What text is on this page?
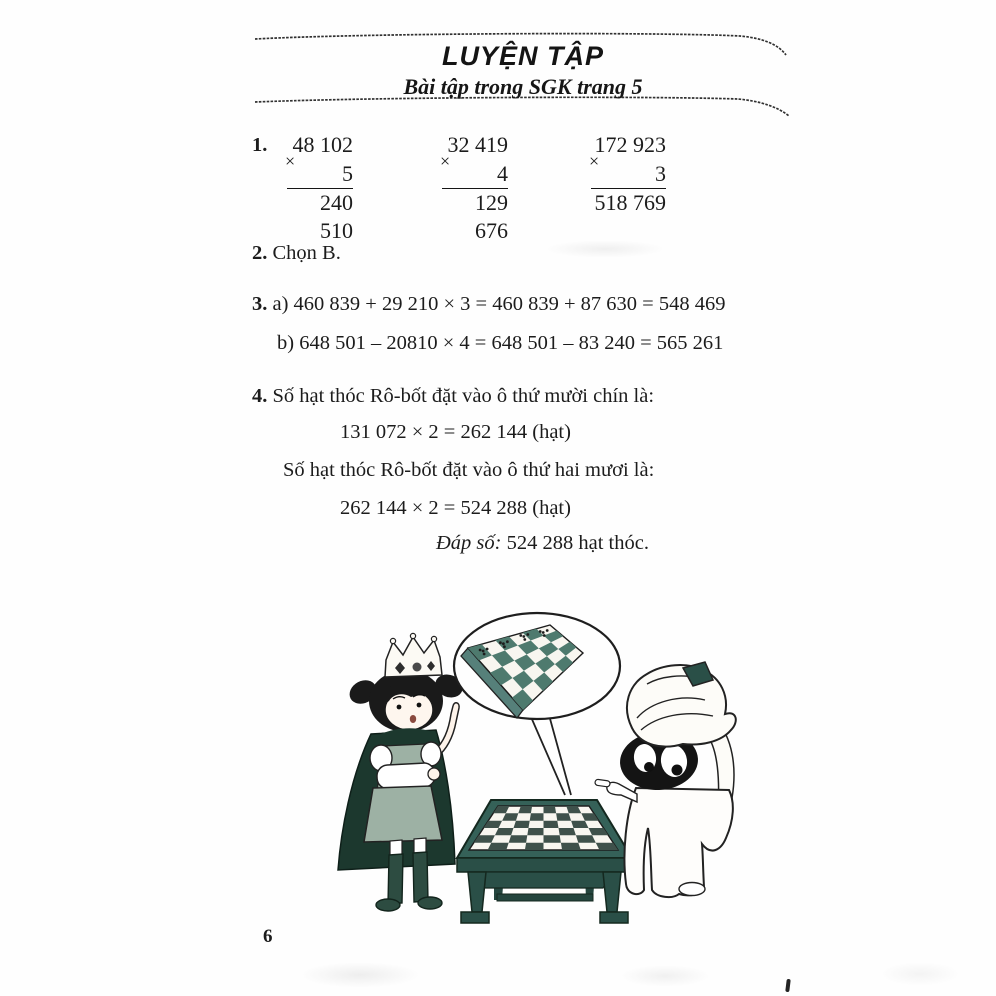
LUYỆN TẬP
Bài tập trong SGK trang 5
1.
×
48 102
5
240 510
×
32 419
4
129 676
×
172 923
3
518 769
2. Chọn B.
3. a) 460 839 + 29 210 × 3 = 460 839 + 87 630 = 548 469
b) 648 501 – 20810 × 4 = 648 501 – 83 240 = 565 261
4. Số hạt thóc Rô-bốt đặt vào ô thứ mười chín là:
131 072 × 2 = 262 144 (hạt)
Số hạt thóc Rô-bốt đặt vào ô thứ hai mươi là:
262 144 × 2 = 524 288 (hạt)
Đáp số: 524 288 hạt thóc.
6
